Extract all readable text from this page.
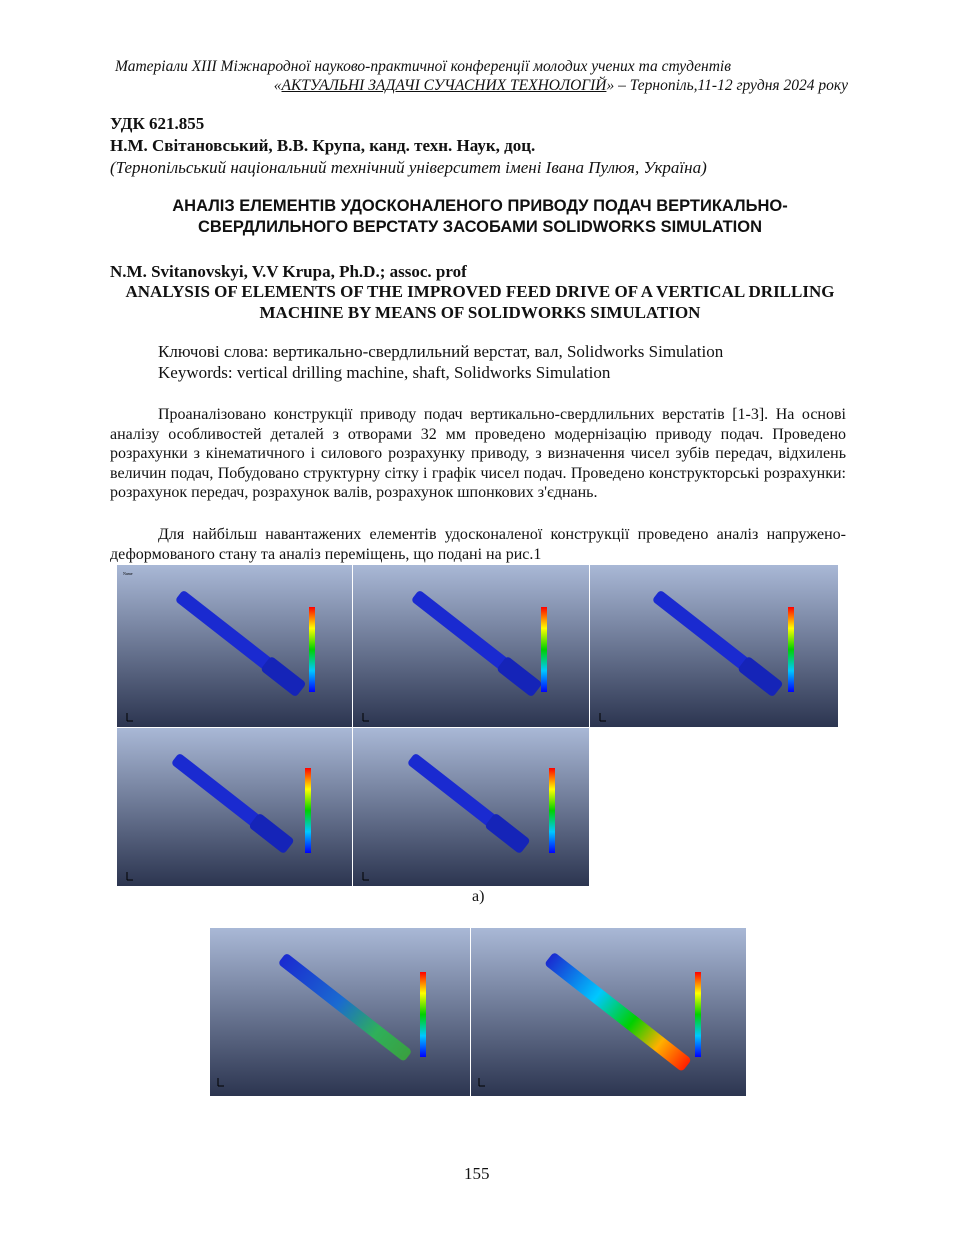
Матеріали ХІІІ Міжнародної науково-практичної конференції молодих учених та студентів
«АКТУАЛЬНІ ЗАДАЧІ СУЧАСНИХ ТЕХНОЛОГІЙ» – Тернопіль,11-12 грудня 2024 року
УДК 621.855
Н.М. Світановський, В.В. Крупа, канд. техн. Наук, доц.
(Тернопільський національний технічний університет імені Івана Пулюя, Україна)
АНАЛІЗ ЕЛЕМЕНТІВ УДОСКОНАЛЕНОГО ПРИВОДУ ПОДАЧ ВЕРТИКАЛЬНО-СВЕРДЛИЛЬНОГО ВЕРСТАТУ ЗАСОБАМИ SOLIDWORKS SIMULATION
N.M. Svitanovskyi, V.V Krupa, Ph.D.; assoc. prof
ANALYSIS OF ELEMENTS OF THE IMPROVED FEED DRIVE OF A VERTICAL DRILLING MACHINE BY MEANS OF SOLIDWORKS SIMULATION
Ключові слова: вертикально-свердлильний верстат, вал, Solidworks Simulation
Keywords: vertical drilling machine, shaft, Solidworks Simulation
Проаналізовано конструкції приводу подач вертикально-свердлильних верстатів [1-3]. На основі аналізу особливостей деталей з отворами 32 мм проведено модернізацію приводу подач. Проведено розрахунки з кінематичного і силового розрахунку приводу, з визначення чисел зубів передач, відхилень величин подач, Побудовано структурну сітку і графік чисел подач. Проведено конструкторські розрахунки: розрахунок передач, розрахунок валів, розрахунок шпонкових з'єднань.
Для найбільш навантажених елементів удосконаленої конструкції проведено аналіз напружено-деформованого стану та аналіз переміщень, що подані на рис.1
Name
а)
155
